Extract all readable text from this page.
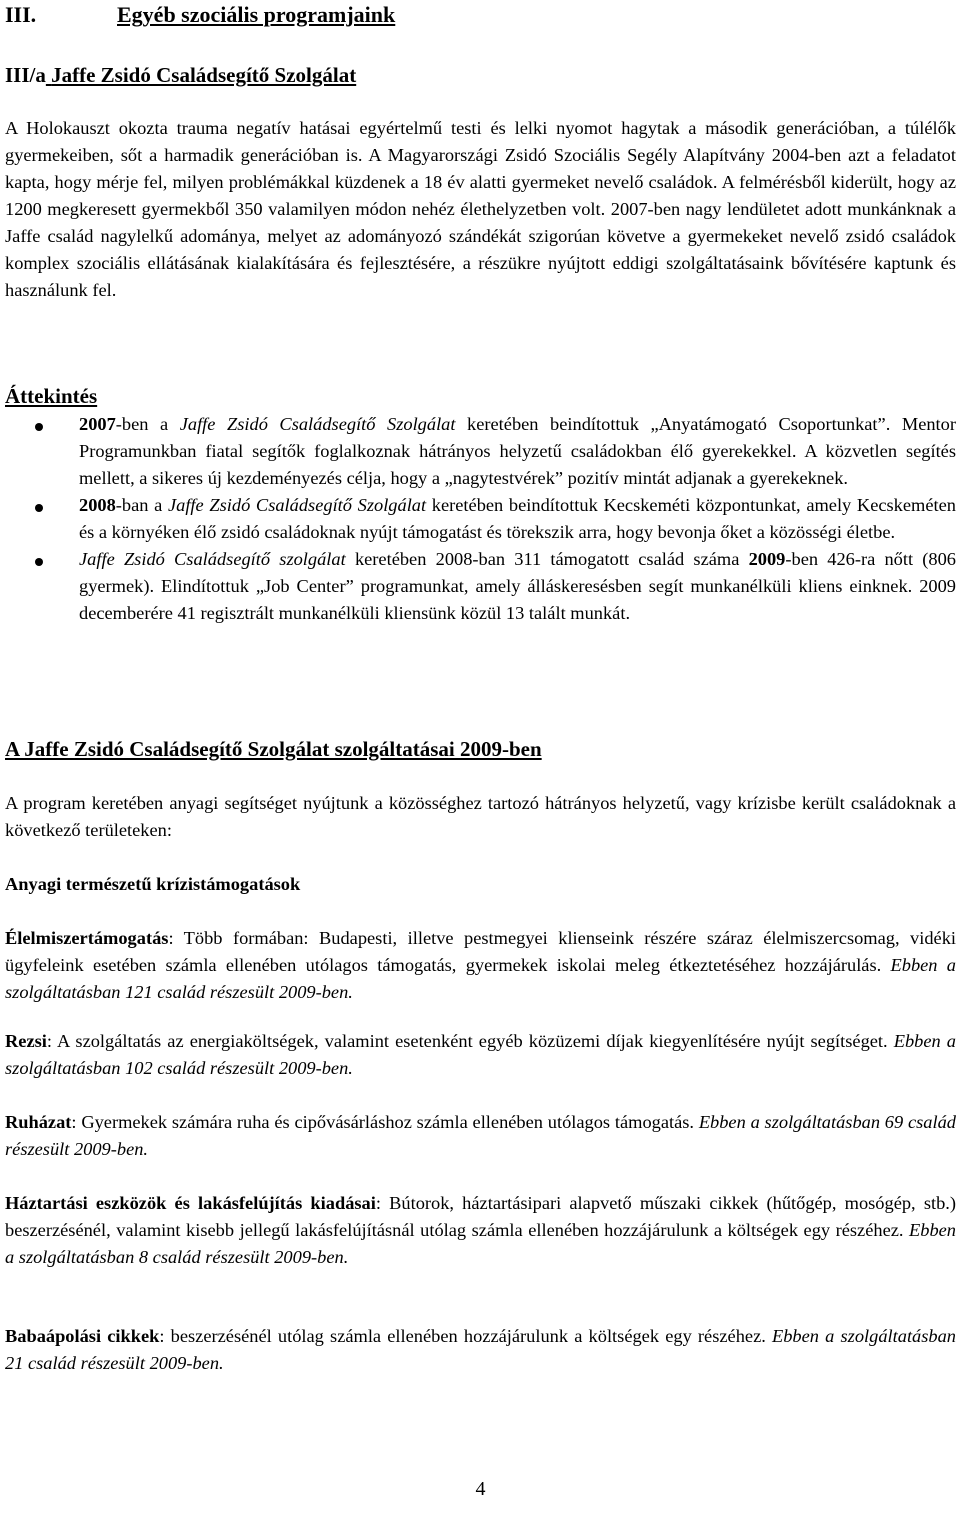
III.	Egyéb szociális programjaink
III/a Jaffe Zsidó Családsegítő Szolgálat
A Holokauszt okozta trauma negatív hatásai egyértelmű testi és lelki nyomot hagytak a második generációban, a túlélők gyermekeiben, sőt a harmadik generációban is. A Magyarországi Zsidó Szociális Segély Alapítvány 2004-ben azt a feladatot kapta, hogy mérje fel, milyen problémákkal küzdenek a 18 év alatti gyermeket nevelő családok. A felmérésből kiderült, hogy az 1200 megkeresett gyermekből 350 valamilyen módon nehéz élethelyzetben volt. 2007-ben nagy lendületet adott munkánknak a Jaffe család nagylelkű adománya, melyet az adományozó szándékát szigorúan követve a gyermekeket nevelő zsidó családok komplex szociális ellátásának kialakítására és fejlesztésére, a részükre nyújtott eddigi szolgáltatásaink bővítésére kaptunk és használunk fel.
Áttekintés
2007-ben a Jaffe Zsidó Családsegítő Szolgálat keretében beindítottuk „Anyatámogató Csoportunkat”. Mentor Programunkban fiatal segítők foglalkoznak hátrányos helyzetű családokban élő gyerekekkel. A közvetlen segítés mellett, a sikeres új kezdeményezés célja, hogy a „nagytestvérek” pozitív mintát adjanak a gyerekeknek.
2008-ban a Jaffe Zsidó Családsegítő Szolgálat keretében beindítottuk Kecskeméti központunkat, amely Kecskeméten és a környéken élő zsidó családoknak nyújt támogatást és törekszik arra, hogy bevonja őket a közösségi életbe.
Jaffe Zsidó Családsegítő szolgálat keretében 2008-ban 311 támogatott család száma 2009-ben 426-ra nőtt (806 gyermek). Elindítottuk „Job Center” programunkat, amely álláskeresésben segít munkanélküli kliens einknek. 2009 decemberére 41 regisztrált munkanélküli kliensünk közül 13 talált munkát.
A Jaffe Zsidó Családsegítő Szolgálat szolgáltatásai 2009-ben
A program keretében anyagi segítséget nyújtunk a közösséghez tartozó hátrányos helyzetű, vagy krízisbe került családoknak a következő területeken:
Anyagi természetű krízistámogatások
Élelmiszertámogatás: Több formában: Budapesti, illetve pestmegyei klienseink részére száraz élelmiszercsomag, vidéki ügyfeleink esetében számla ellenében utólagos támogatás, gyermekek iskolai meleg étkeztetéséhez hozzájárulás. Ebben a szolgáltatásban 121 család részesült 2009-ben.
Rezsi: A szolgáltatás az energiaköltségek, valamint esetenként egyéb közüzemi díjak kiegyenlítésére nyújt segítséget. Ebben a szolgáltatásban 102 család részesült 2009-ben.
Ruházat: Gyermekek számára ruha és cipővásárláshoz számla ellenében utólagos támogatás. Ebben a szolgáltatásban 69 család részesült 2009-ben.
Háztartási eszközök és lakásfelújítás kiadásai: Bútorok, háztartásipari alapvető műszaki cikkek (hűtőgép, mosógép, stb.) beszerzésénél, valamint kisebb jellegű lakásfelújításnál utólag számla ellenében hozzájárulunk a költségek egy részéhez. Ebben a szolgáltatásban 8 család részesült 2009-ben.
Babaápolási cikkek: beszerzésénél utólag számla ellenében hozzájárulunk a költségek egy részéhez. Ebben a szolgáltatásban 21 család részesült 2009-ben.
4
